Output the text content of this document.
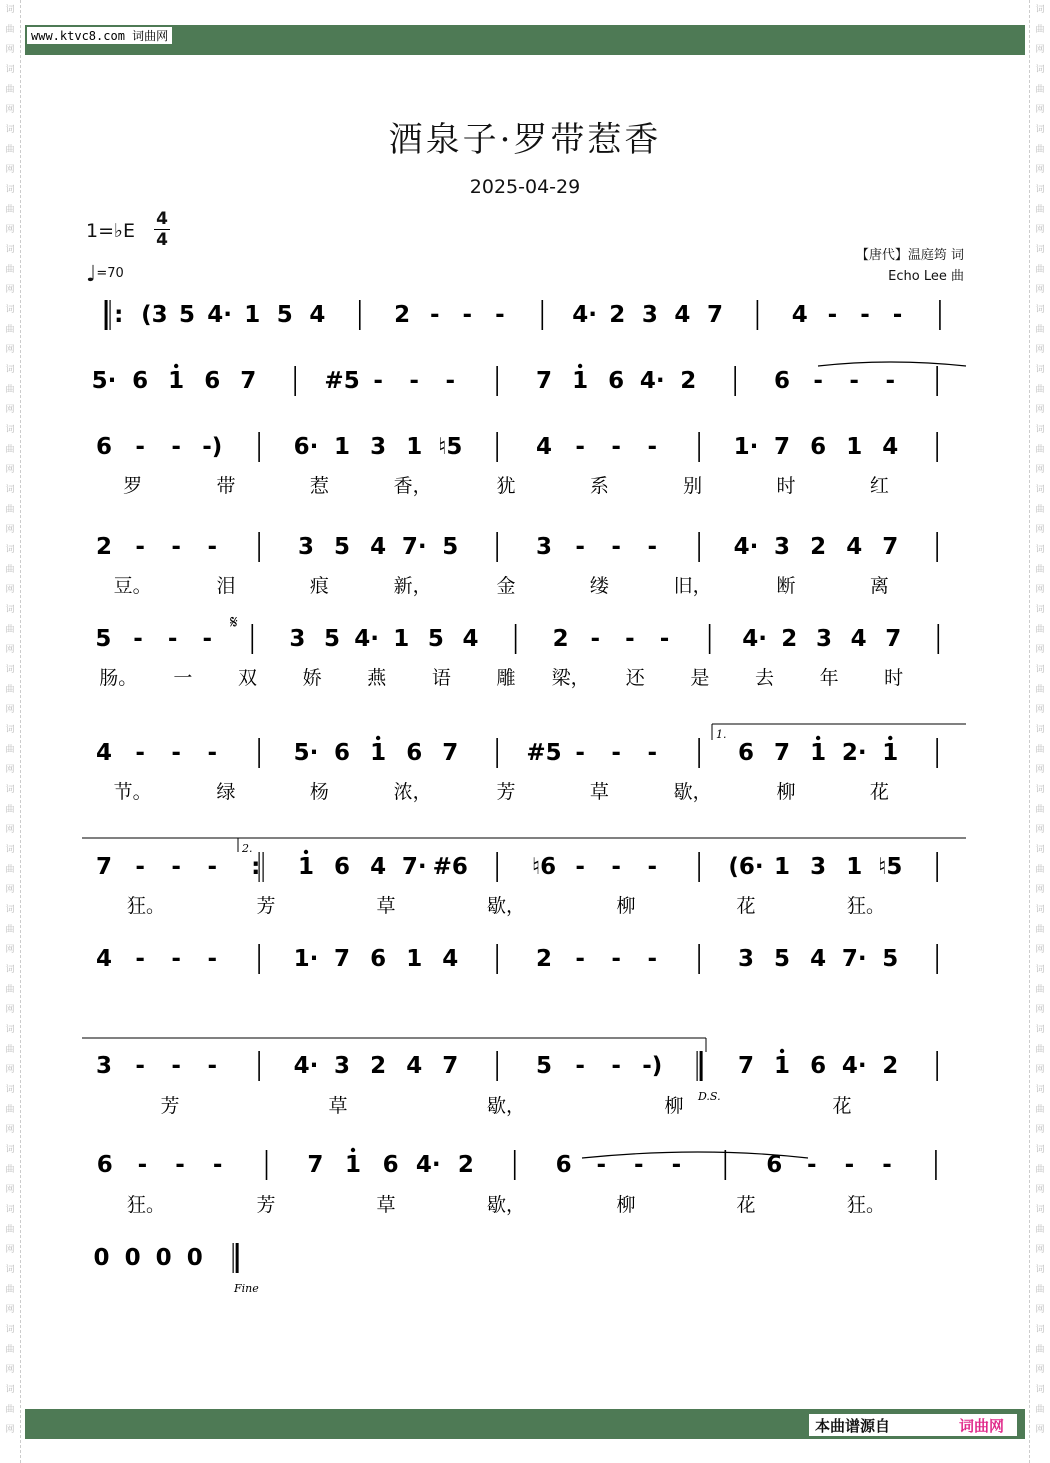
词
曲
网
词
曲
网
词
曲
网
词
曲
网
词
曲
网
词
曲
网
词
曲
网
词
曲
网
词
曲
网
词
曲
网
词
曲
网
词
曲
网
词
曲
网
词
曲
网
词
曲
网
词
曲
网
词
曲
网
词
曲
网
词
曲
网
词
曲
网
词
曲
网
词
曲
网
词
曲
网
词
曲
网

词
曲
网
词
曲
网
词
曲
网
词
曲
网
词
曲
网
词
曲
网
词
曲
网
词
曲
网
词
曲
网
词
曲
网
词
曲
网
词
曲
网
词
曲
网
词
曲
网
词
曲
网
词
曲
网
词
曲
网
词
曲
网
词
曲
网
词
曲
网
词
曲
网
词
曲
网
词
曲
网
词
曲
网

www.ktvc8.com 词曲网
酒泉子·罗带惹香
2025-04-29
1=♭E
4
4
♩=70
【唐代】温庭筠 词
Echo Lee 曲
: (3 5 4· 1 5 4	2 - - -	4· 2 3 4 7	4 - - -
5· 6 1 6 7	#5 - - -	7 1 6 4· 2	6 - - -
6 - - -)	6· 1 3 1 ♮5	4 - - -	1· 7 6 1 4
罗	带	惹	香，	犹	系	别	时	红
2 - - -	3 5 4 7· 5	3 - - -	4· 3 2 4 7
豆。	泪	痕	新，	金	缕	旧，	断	离
5 - - -	3 5 4· 1 5 4	2 - - -	4· 2 3 4 7
肠。 一 双 娇 燕 语 雕 梁， 还 是 去 年 时
4 - - -	5· 6 1 6 7	#5 - - -	6 7 1 2· 1
节。	绿	杨	浓，	芳	草	歇，	柳	花
7 - - - : 1 6 4 7· #6	♮6 - - -	(6· 1 3 1 ♮5
狂。	芳	草	歇，	柳	花	狂。
4 - - -	1· 7 6 1 4	2 - - -	3 5 4 7· 5
3 - - -	4· 3 2 4 7	5 - - -)	7 1 6 4· 2
芳	草	歇，	柳	花
6 - - -	7 1 6 4· 2	6 - - -	6 - - -
狂。	芳	草	歇，	柳	花	狂。
0 0 0 0
D.S.
Fine
𝄋
1.
2.
本曲谱源自	词曲网
